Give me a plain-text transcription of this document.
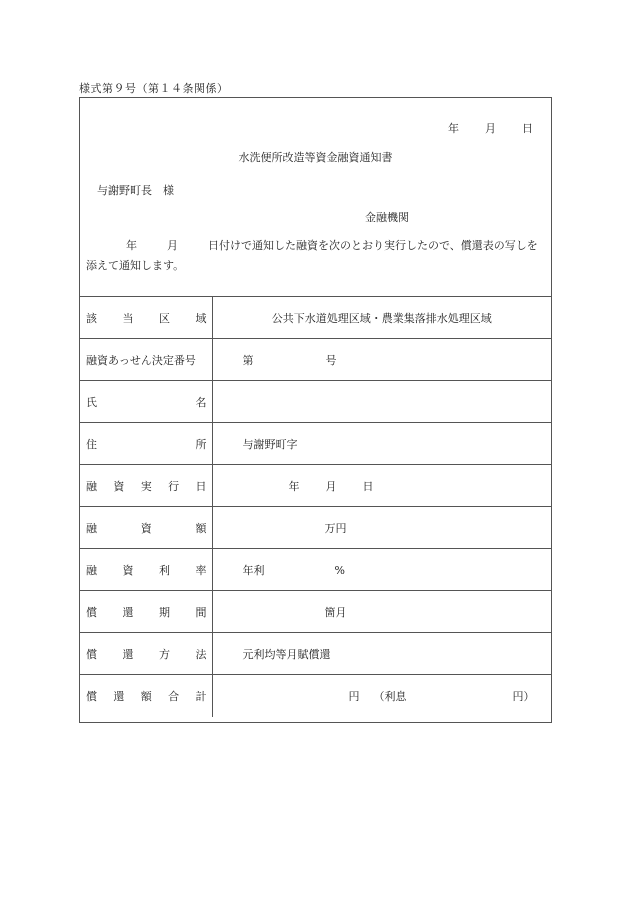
様式第９号（第１４条関係）
年 月 日
水洗便所改造等資金融資通知書
与謝野町長　様
金融機関
年	月	日付けで通知した融資を次のとおり実行したので、償還表の写しを添えて通知します。
該 当 区 域	公共下水道処理区域・農業集落排水処理区域
融資あっせん決定番号	第 号

氏 名	

住 所	与謝野町字

融 資 実 行 日	年 月 日

融 資 額	万円

融 資 利 率	年利 %

償 還 期 間	箇月

償 還 方 法	元利均等月賦償還

償 還 額 合 計	円 （利息 円）
